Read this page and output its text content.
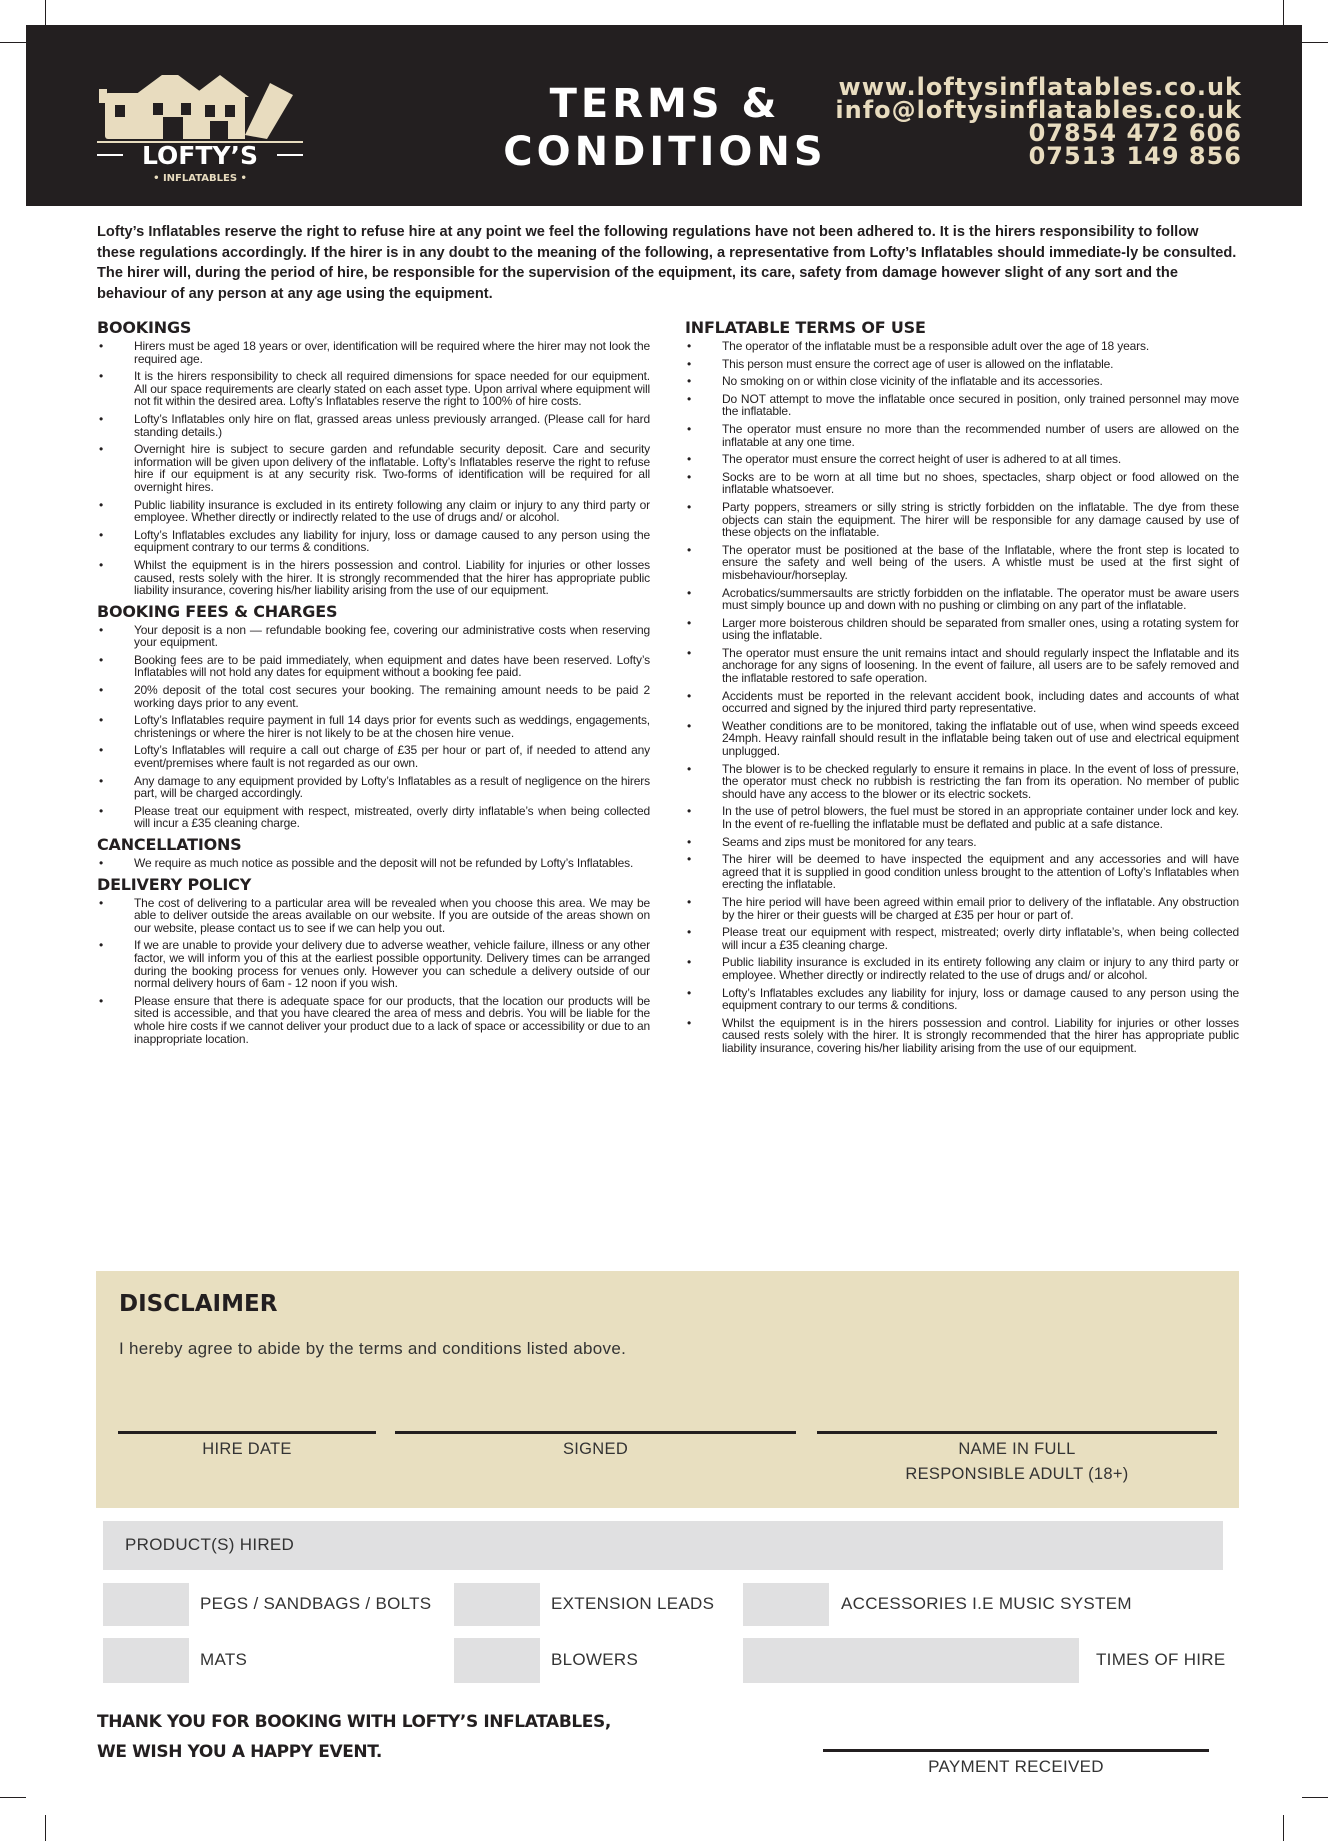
LOFTY’S
• INFLATABLES •
TERMS &
CONDITIONS
www.loftysinflatables.co.uk
info@loftysinflatables.co.uk
07854 472 606
07513 149 856
Lofty’s Inflatables reserve the right to refuse hire at any point we feel the following regulations have not been adhered to. It is the hirers responsibility to follow these regulations accordingly. If the hirer is in any doubt to the meaning of the following, a representative from Lofty’s Inflatables should immediate-ly be consulted. The hirer will, during the period of hire, be responsible for the supervision of the equipment, its care, safety from damage however slight of any sort and the behaviour of any person at any age using the equipment.
BOOKINGS
• Hirers must be aged 18 years or over, identification will be required where the hirer may not look the required age.
• It is the hirers responsibility to check all required dimensions for space needed for our equipment. All our space requirements are clearly stated on each asset type. Upon arrival where equipment will not fit within the desired area. Lofty’s Inflatables reserve the right to 100% of hire costs.
• Lofty’s Inflatables only hire on flat, grassed areas unless previously arranged. (Please call for hard standing details.)
• Overnight hire is subject to secure garden and refundable security deposit. Care and security information will be given upon delivery of the inflatable. Lofty’s Inflatables reserve the right to refuse hire if our equipment is at any security risk. Two-forms of identification will be required for all overnight hires.
• Public liability insurance is excluded in its entirety following any claim or injury to any third party or employee. Whether directly or indirectly related to the use of drugs and/ or alcohol.
• Lofty’s Inflatables excludes any liability for injury, loss or damage caused to any person using the equipment contrary to our terms & conditions.
• Whilst the equipment is in the hirers possession and control. Liability for injuries or other losses caused, rests solely with the hirer. It is strongly recommended that the hirer has appropriate public liability insurance, covering his/her liability arising from the use of our equipment.
BOOKING FEES & CHARGES
• Your deposit is a non — refundable booking fee, covering our administrative costs when reserving your equipment.
• Booking fees are to be paid immediately, when equipment and dates have been reserved. Lofty’s Inflatables will not hold any dates for equipment without a booking fee paid.
• 20% deposit of the total cost secures your booking. The remaining amount needs to be paid 2 working days prior to any event.
• Lofty’s Inflatables require payment in full 14 days prior for events such as weddings, engagements, christenings or where the hirer is not likely to be at the chosen hire venue.
• Lofty’s Inflatables will require a call out charge of £35 per hour or part of, if needed to attend any event/premises where fault is not regarded as our own.
• Any damage to any equipment provided by Lofty’s Inflatables as a result of negligence on the hirers part, will be charged accordingly.
• Please treat our equipment with respect, mistreated, overly dirty inflatable’s when being collected will incur a £35 cleaning charge.
CANCELLATIONS
• We require as much notice as possible and the deposit will not be refunded by Lofty’s Inflatables.
DELIVERY POLICY
• The cost of delivering to a particular area will be revealed when you choose this area. We may be able to deliver outside the areas available on our website. If you are outside of the areas shown on our website, please contact us to see if we can help you out.
• If we are unable to provide your delivery due to adverse weather, vehicle failure, illness or any other factor, we will inform you of this at the earliest possible opportunity. Delivery times can be arranged during the booking process for venues only. However you can schedule a delivery outside of our normal delivery hours of 6am - 12 noon if you wish.
• Please ensure that there is adequate space for our products, that the location our products will be sited is accessible, and that you have cleared the area of mess and debris. You will be liable for the whole hire costs if we cannot deliver your product due to a lack of space or accessibility or due to an inappropriate location.
INFLATABLE TERMS OF USE
• The operator of the inflatable must be a responsible adult over the age of 18 years.
• This person must ensure the correct age of user is allowed on the inflatable.
• No smoking on or within close vicinity of the inflatable and its accessories.
• Do NOT attempt to move the inflatable once secured in position, only trained personnel may move the inflatable.
• The operator must ensure no more than the recommended number of users are allowed on the inflatable at any one time.
• The operator must ensure the correct height of user is adhered to at all times.
• Socks are to be worn at all time but no shoes, spectacles, sharp object or food allowed on the inflatable whatsoever.
• Party poppers, streamers or silly string is strictly forbidden on the inflatable. The dye from these objects can stain the equipment. The hirer will be responsible for any damage caused by use of these objects on the inflatable.
• The operator must be positioned at the base of the Inflatable, where the front step is located to ensure the safety and well being of the users. A whistle must be used at the first sight of misbehaviour/horseplay.
• Acrobatics/summersaults are strictly forbidden on the inflatable. The operator must be aware users must simply bounce up and down with no pushing or climbing on any part of the inflatable.
• Larger more boisterous children should be separated from smaller ones, using a rotating system for using the inflatable.
• The operator must ensure the unit remains intact and should regularly inspect the Inflatable and its anchorage for any signs of loosening. In the event of failure, all users are to be safely removed and the inflatable restored to safe operation.
• Accidents must be reported in the relevant accident book, including dates and accounts of what occurred and signed by the injured third party representative.
• Weather conditions are to be monitored, taking the inflatable out of use, when wind speeds exceed 24mph. Heavy rainfall should result in the inflatable being taken out of use and electrical equipment unplugged.
• The blower is to be checked regularly to ensure it remains in place. In the event of loss of pressure, the operator must check no rubbish is restricting the fan from its operation. No member of public should have any access to the blower or its electric sockets.
• In the use of petrol blowers, the fuel must be stored in an appropriate container under lock and key. In the event of re-fuelling the inflatable must be deflated and public at a safe distance.
• Seams and zips must be monitored for any tears.
• The hirer will be deemed to have inspected the equipment and any accessories and will have agreed that it is supplied in good condition unless brought to the attention of Lofty’s Inflatables when erecting the inflatable.
• The hire period will have been agreed within email prior to delivery of the inflatable. Any obstruction by the hirer or their guests will be charged at £35 per hour or part of.
• Please treat our equipment with respect, mistreated; overly dirty inflatable’s, when being collected will incur a £35 cleaning charge.
• Public liability insurance is excluded in its entirety following any claim or injury to any third party or employee. Whether directly or indirectly related to the use of drugs and/ or alcohol.
• Lofty’s Inflatables excludes any liability for injury, loss or damage caused to any person using the equipment contrary to our terms & conditions.
• Whilst the equipment is in the hirers possession and control. Liability for injuries or other losses caused rests solely with the hirer. It is strongly recommended that the hirer has appropriate public liability insurance, covering his/her liability arising from the use of our equipment.
DISCLAIMER
I hereby agree to abide by the terms and conditions listed above.
HIRE DATE	SIGNED	NAME IN FULL
RESPONSIBLE ADULT (18+)
PRODUCT(S) HIRED
PEGS / SANDBAGS / BOLTS	EXTENSION LEADS	ACCESSORIES I.E MUSIC SYSTEM
MATS	BLOWERS	TIMES OF HIRE
THANK YOU FOR BOOKING WITH LOFTY’S INFLATABLES,
WE WISH YOU A HAPPY EVENT.
PAYMENT RECEIVED
